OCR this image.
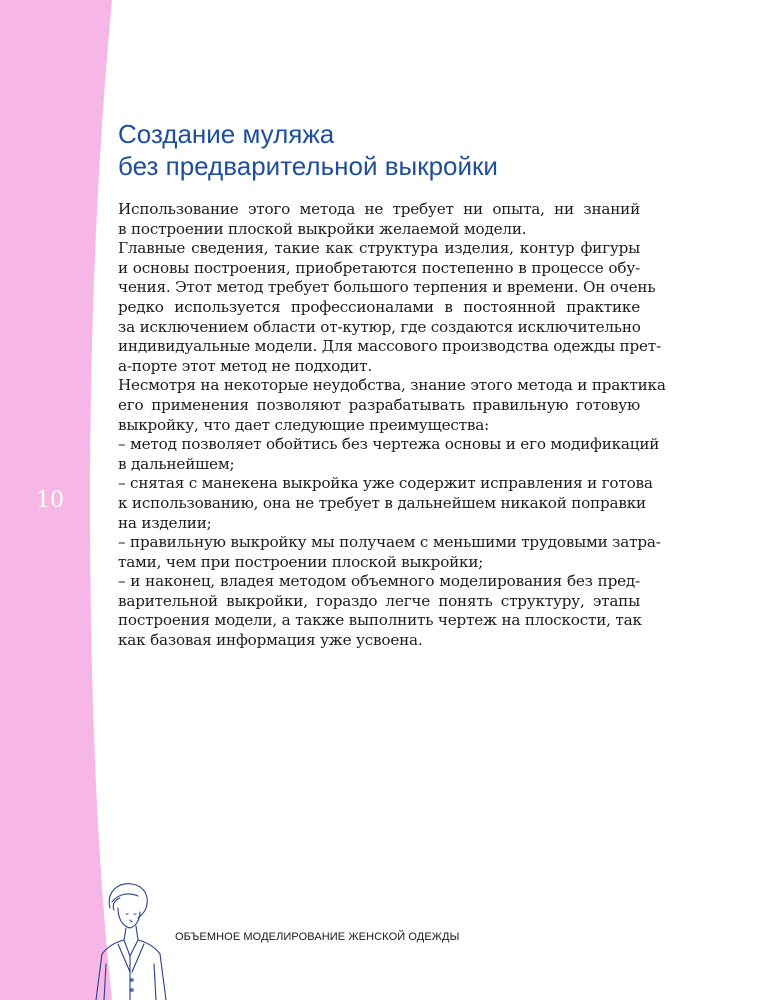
10
Создание муляжа
без предварительной выкройки
Использование этого метода не требует ни опыта, ни знаний
в построении плоской выкройки желаемой модели.
Главные сведения, такие как структура изделия, контур фигуры
и основы построения, приобретаются постепенно в процессе обу-
чения. Этот метод требует большого терпения и времени. Он очень
редко используется профессионалами в постоянной практике
за исключением области от-кутюр, где создаются исключительно
индивидуальные модели. Для массового производства одежды прет-
а-порте этот метод не подходит.
Несмотря на некоторые неудобства, знание этого метода и практика
его применения позволяют разрабатывать правильную готовую
выкройку, что дает следующие преимущества:
– метод позволяет обойтись без чертежа основы и его модификаций
в дальнейшем;
– снятая с манекена выкройка уже содержит исправления и готова
к использованию, она не требует в дальнейшем никакой поправки
на изделии;
– правильную выкройку мы получаем с меньшими трудовыми затра-
тами, чем при построении плоской выкройки;
– и наконец, владея методом объемного моделирования без пред-
варительной выкройки, гораздо легче понять структуру, этапы
построения модели, а также выполнить чертеж на плоскости, так
как базовая информация уже усвоена.
ОБЪЕМНОЕ МОДЕЛИРОВАНИЕ ЖЕНСКОЙ ОДЕЖДЫ
